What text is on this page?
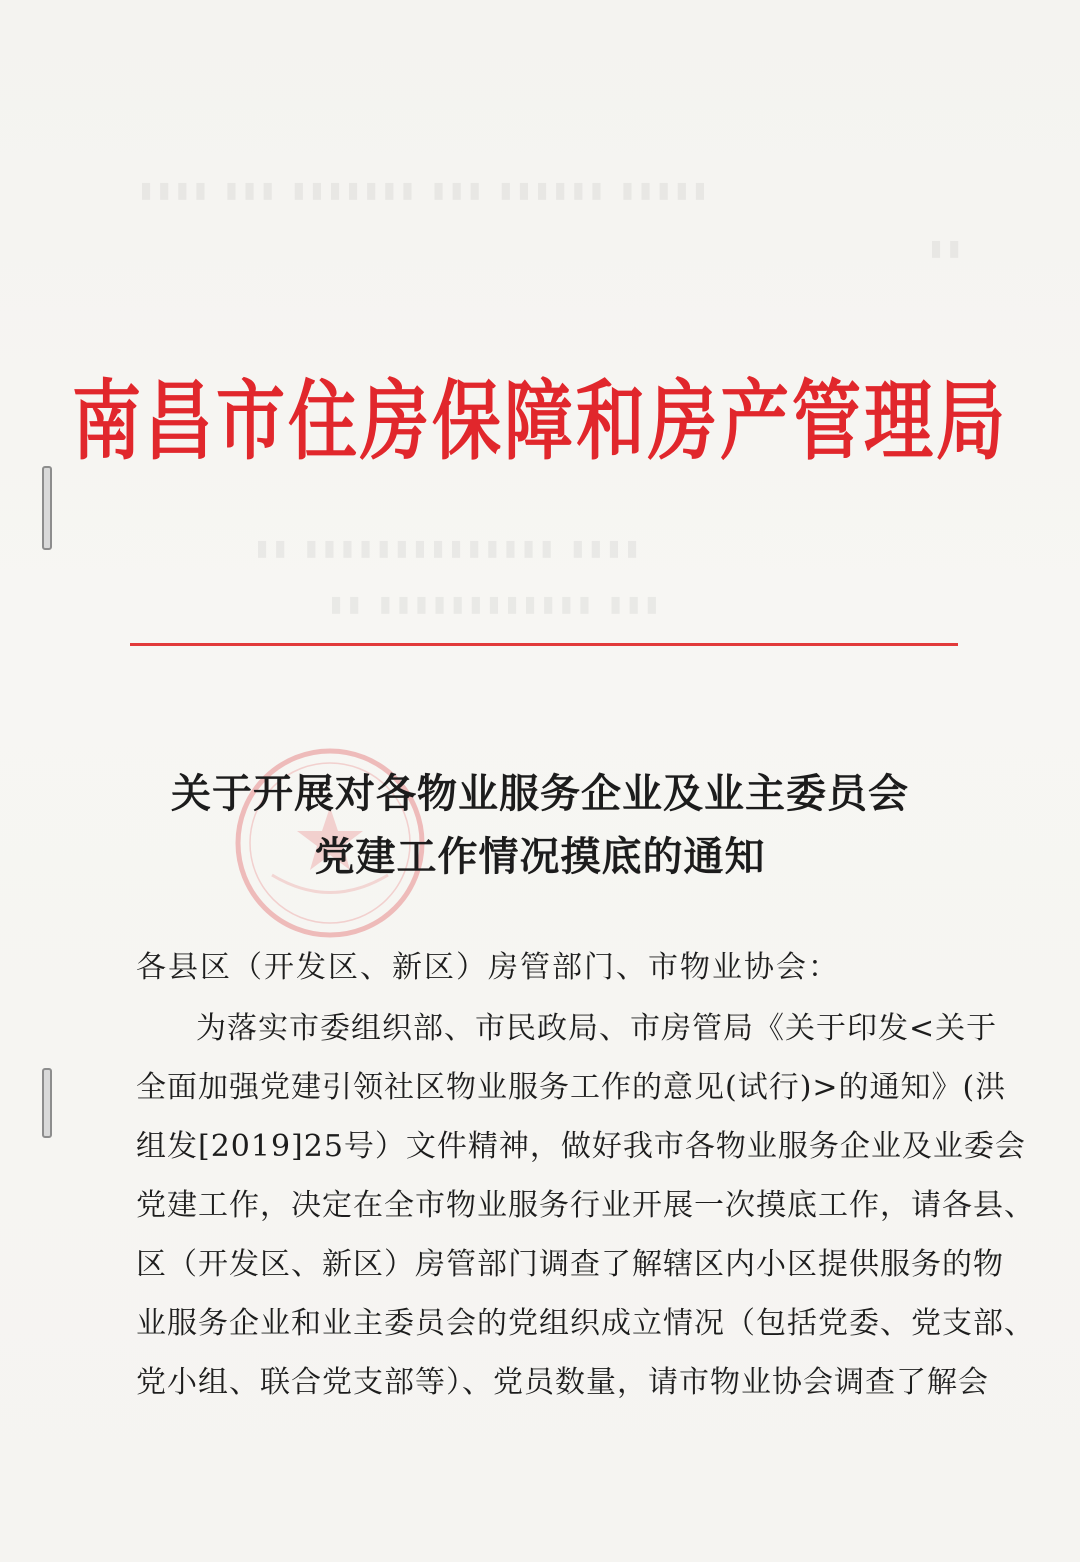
▮▮▮▮ ▮▮▮ ▮▮▮▮▮▮▮ ▮▮▮ ▮▮▮▮▮▮ ▮▮▮▮▮
▮▮
▮▮ ▮▮▮▮▮▮▮▮▮▮▮▮▮▮ ▮▮▮▮
▮▮ ▮▮▮▮▮▮▮▮▮▮▮▮ ▮▮▮
南昌市住房保障和房产管理局
关于开展对各物业服务企业及业主委员会
党建工作情况摸底的通知
各县区（开发区、新区）房管部门、市物业协会：
为落实市委组织部、市民政局、市房管局《关于印发<关于
全面加强党建引领社区物业服务工作的意见(试行)>的通知》(洪
组发[2019]25号）文件精神，做好我市各物业服务企业及业委会
党建工作，决定在全市物业服务行业开展一次摸底工作，请各县、
区（开发区、新区）房管部门调查了解辖区内小区提供服务的物
业服务企业和业主委员会的党组织成立情况（包括党委、党支部、
党小组、联合党支部等）、党员数量，请市物业协会调查了解会
